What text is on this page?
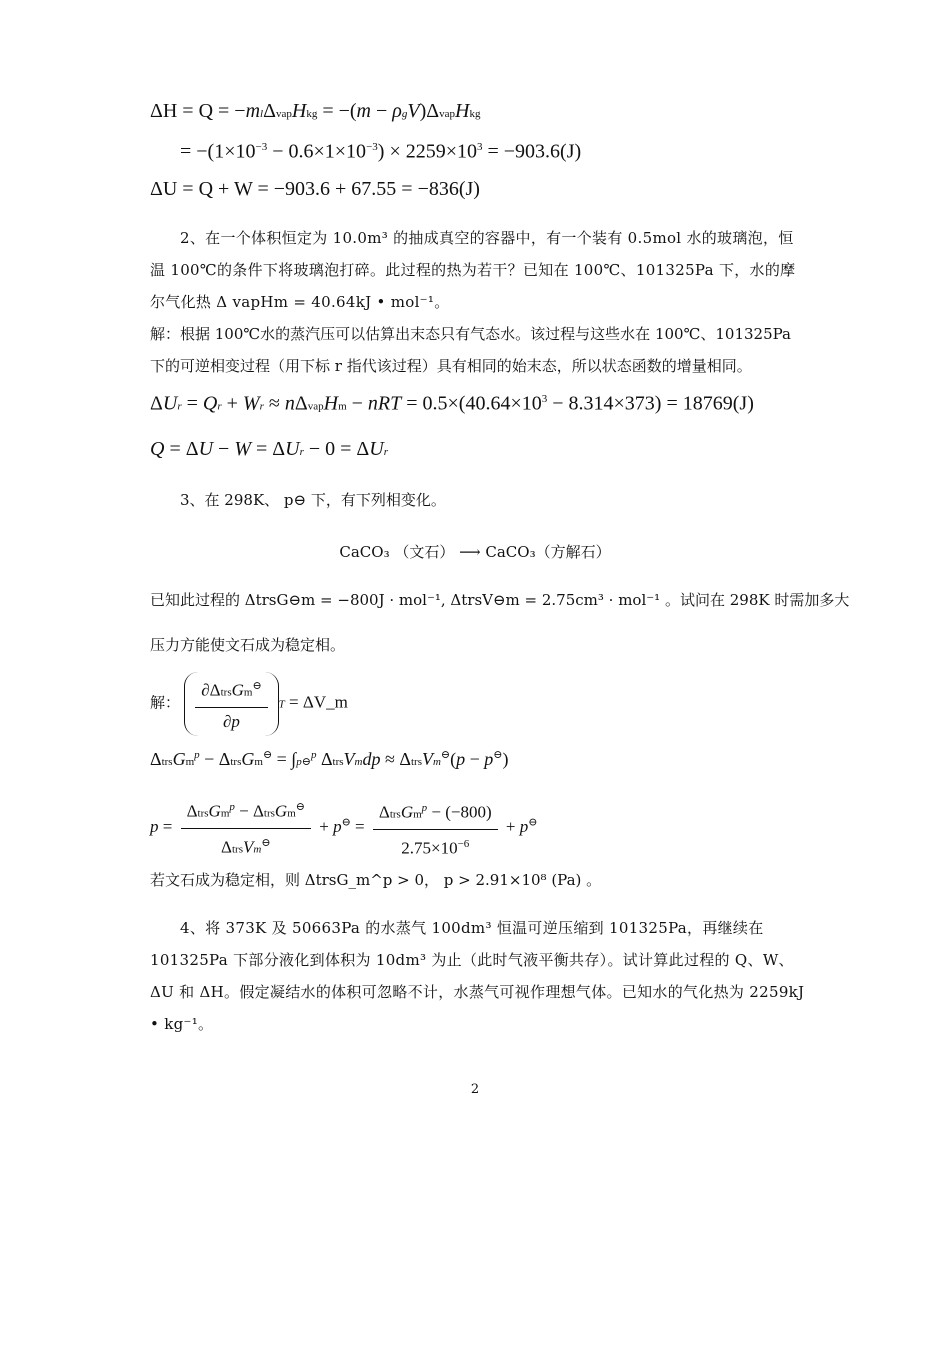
ΔH = Q = −mlΔvapHkg = −(m − ρgV)ΔvapHkg
= $-(1\times 10^{-3} - 0.6\times 1\times 10^{-3}) \times 2259\times 10^3 = -903.6(J)$
ΔU = Q + W = −903.6 + 67.55 = −836(J)
2、在一个体积恒定为 10.0m³ 的抽成真空的容器中，有一个装有 0.5mol 水的玻璃泡，恒温 100℃的条件下将玻璃泡打碎。此过程的热为若干？已知在 100℃、101325Pa 下，水的摩尔气化热 Δ vapHm = 40.64kJ • mol⁻¹。
解：根据 100℃水的蒸汽压可以估算出末态只有气态水。该过程与这些水在 100℃、101325Pa 下的可逆相变过程（用下标 r 指代该过程）具有相同的始末态，所以状态函数的增量相同。
ΔUr = Qr + Wr ≈ nΔvapHm − nRT = $0.5\times(40.64\times 10^3 - 8.314\times 373) = 18769(J)$
Q = ΔU − W = ΔUr − 0 = ΔUr
3、在 298K、 p⊖ 下，有下列相变化。
CaCO₃ （文石） ⟶ CaCO₃（方解石）
已知此过程的 ΔtrsG⊖m = −800J · mol⁻¹, ΔtrsV⊖m = 2.75cm³ · mol⁻¹ 。试问在 298K 时需加多大
压力方能使文石成为稳定相。
解： $\frac{\partial\Delta trsGm^⊖}{\partial p}$ T = ΔV_m
ΔtrsGm$^p$ − ΔtrsGm⊖ = ∫p⊖$^p$ ΔtrsVmdp ≈ ΔtrsVm⊖(p − p⊖)
$p = \frac{\Delta trsGm^p - \Delta trsGm^⊖}{\Delta trsVm^⊖} + p^⊖ = \frac{\Delta trsGm^p - (-800)}{2.75\times 10^{-6}} + p^⊖$
若文石成为稳定相，则 ΔtrsG_m^p > 0， p > 2.91×10⁸ (Pa) 。
4、将 373K 及 50663Pa 的水蒸气 100dm³ 恒温可逆压缩到 101325Pa，再继续在 101325Pa 下部分液化到体积为 10dm³ 为止（此时气液平衡共存）。试计算此过程的 Q、W、ΔU 和 ΔH。假定凝结水的体积可忽略不计，水蒸气可视作理想气体。已知水的气化热为 2259kJ • kg⁻¹。
2
